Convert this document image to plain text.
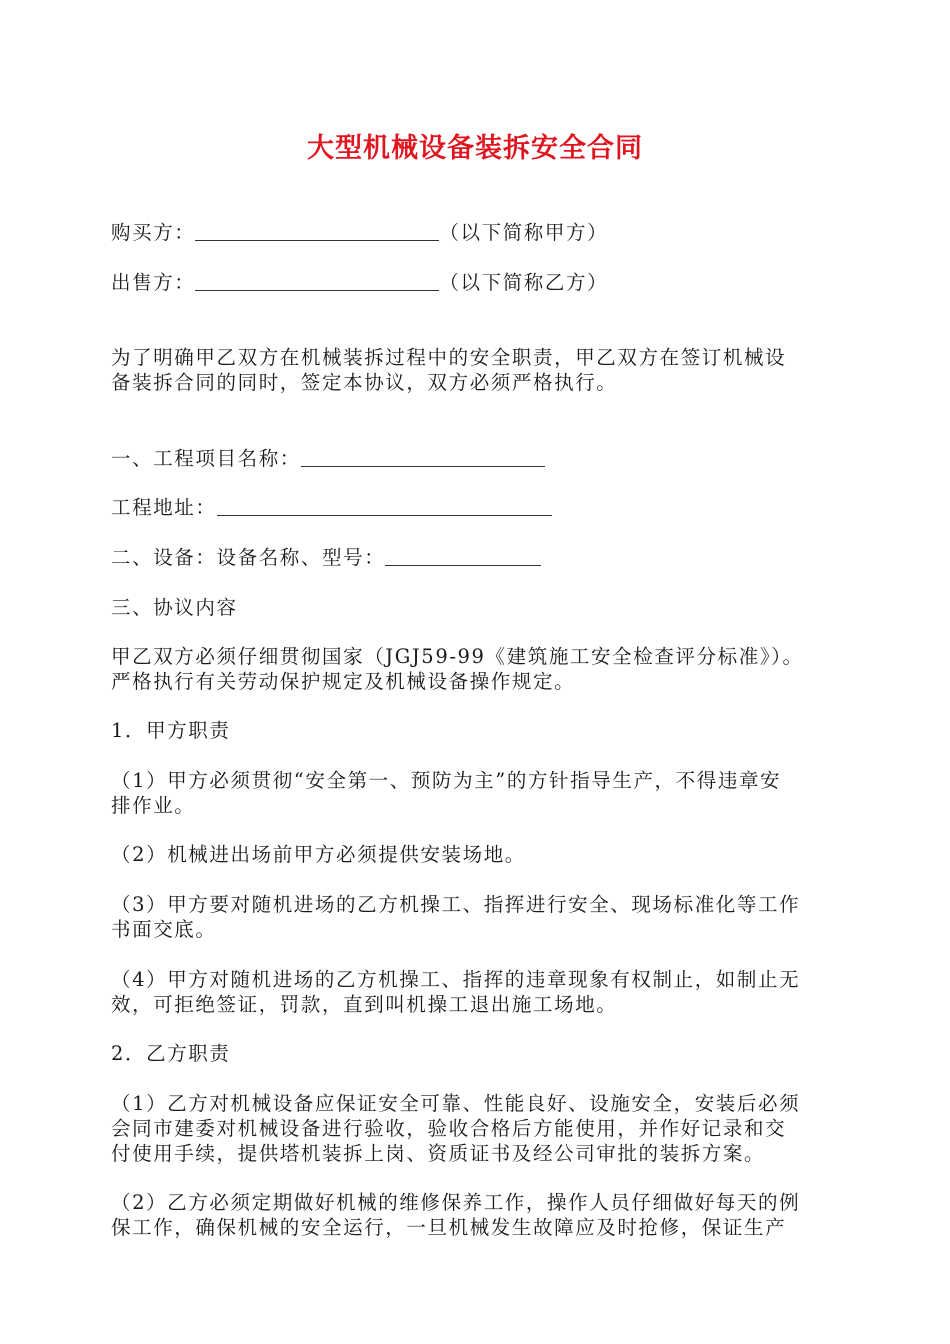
大型机械设备装拆安全合同
购买方：	（以下简称甲方）
出售方：	（以下简称乙方）
为了明确甲乙双方在机械装拆过程中的安全职责，甲乙双方在签订机械设
备装拆合同的同时，签定本协议，双方必须严格执行。
一、工程项目名称：
工程地址：
二、设备：设备名称、型号：
三、协议内容
甲乙双方必须仔细贯彻国家（JGJ59-99《建筑施工安全检查评分标准》）。
严格执行有关劳动保护规定及机械设备操作规定。
1．甲方职责
（1）甲方必须贯彻“安全第一、预防为主”的方针指导生产，不得违章安
排作业。
（2）机械进出场前甲方必须提供安装场地。
（3）甲方要对随机进场的乙方机操工、指挥进行安全、现场标准化等工作
书面交底。
（4）甲方对随机进场的乙方机操工、指挥的违章现象有权制止，如制止无
效，可拒绝签证，罚款，直到叫机操工退出施工场地。
2．乙方职责
（1）乙方对机械设备应保证安全可靠、性能良好、设施安全，安装后必须
会同市建委对机械设备进行验收，验收合格后方能使用，并作好记录和交
付使用手续，提供塔机装拆上岗、资质证书及经公司审批的装拆方案。
（2）乙方必须定期做好机械的维修保养工作，操作人员仔细做好每天的例
保工作，确保机械的安全运行，一旦机械发生故障应及时抢修，保证生产
